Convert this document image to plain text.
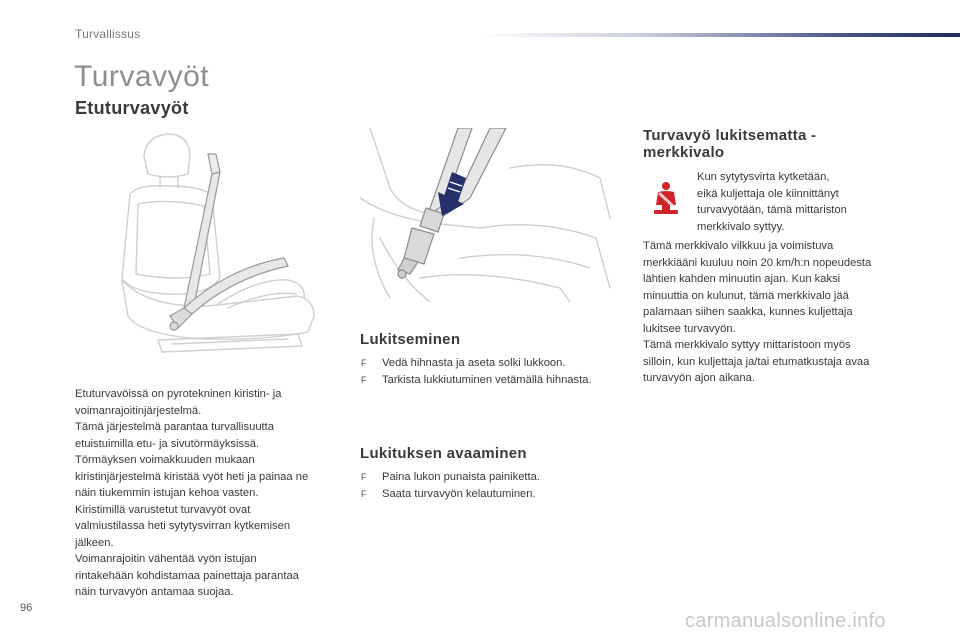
Turvallissus
Turvavyöt
Etuturvavyöt

Etuturvavöissä on pyrotekninen kiristin- ja

voimanrajoitinjärjestelmä.

Tämä järjestelmä parantaa turvallisuutta

etuistuimilla etu- ja sivutörmäyksissä.

Törmäyksen voimakkuuden mukaan

kiristinjärjestelmä kiristää vyöt heti ja painaa ne

näin tiukemmin istujan kehoa vasten.

Kiristimillä varustetut turvavyöt ovat

valmiustilassa heti sytytysvirran kytkemisen

jälkeen.

Voimanrajoitin vähentää vyön istujan

rintakehään kohdistamaa painettaja parantaa

näin turvavyön antamaa suojaa.

Lukitseminen
F Vedä hihnasta ja aseta solki lukkoon.
F Tarkista lukkiutuminen vetämällä hihnasta.
Lukituksen avaaminen
F Paina lukon punaista painiketta.
F Saata turvavyön kelautuminen.
Turvavyö lukitsematta -
merkkivalo

Kun sytytysvirta kytketään,

eikä kuljettaja ole kiinnittänyt

turvavyötään, tämä mittariston

merkkivalo syttyy.

Tämä merkkivalo vilkkuu ja voimistuva

merkkiääni kuuluu noin 20 km/h:n nopeudesta

lähtien kahden minuutin ajan. Kun kaksi

minuuttia on kulunut, tämä merkkivalo jää

palamaan siihen saakka, kunnes kuljettaja

lukitsee turvavyön.

Tämä merkkivalo syttyy mittaristoon myös

silloin, kun kuljettaja ja/tai etumatkustaja avaa

turvavyön ajon aikana.

96
carmanualsonline.info
